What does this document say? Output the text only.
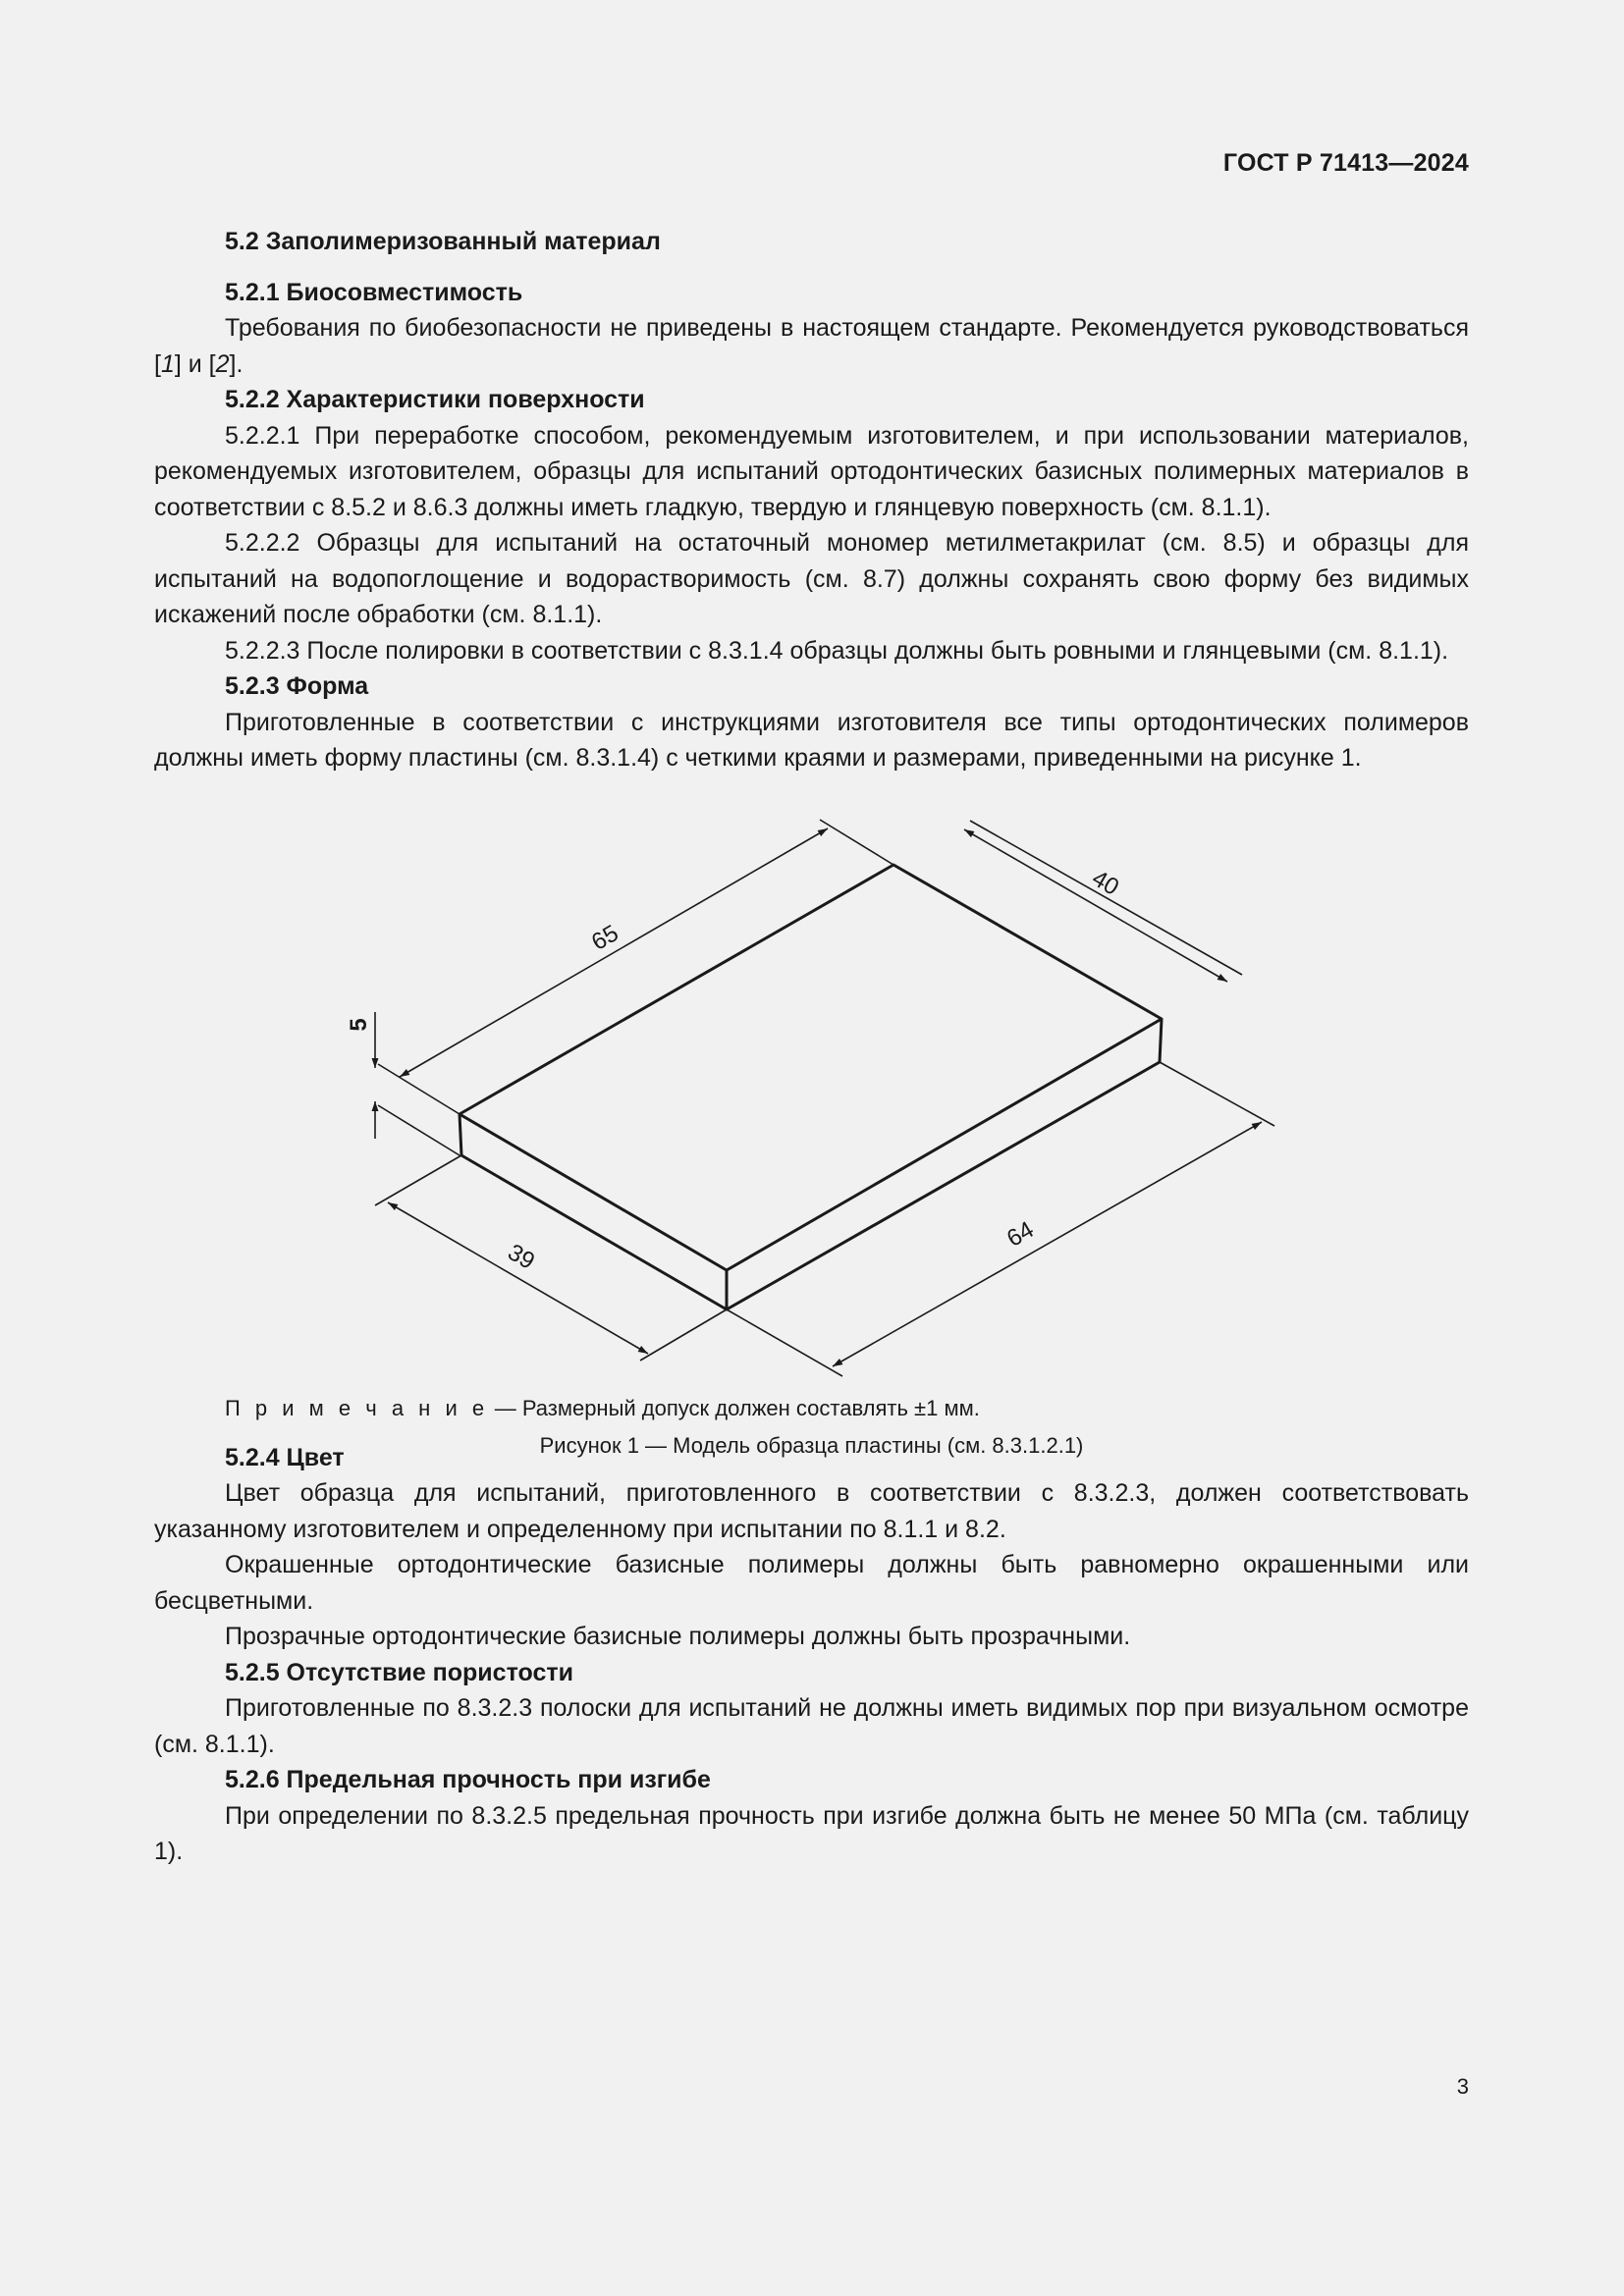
ГОСТ Р 71413—2024
5.2 Заполимеризованный материал
5.2.1 Биосовместимость

Требования по биобезопасности не приведены в настоящем стандарте. Рекомендуется руководствоваться [1] и [2].

5.2.2 Характеристики поверхности

5.2.2.1 При переработке способом, рекомендуемым изготовителем, и при использовании материалов, рекомендуемых изготовителем, образцы для испытаний ортодонтических базисных полимерных материалов в соответствии с 8.5.2 и 8.6.3 должны иметь гладкую, твердую и глянцевую поверхность (см. 8.1.1).

5.2.2.2 Образцы для испытаний на остаточный мономер метилметакрилат (см. 8.5) и образцы для испытаний на водопоглощение и водорастворимость (см. 8.7) должны сохранять свою форму без видимых искажений после обработки (см. 8.1.1).

5.2.2.3 После полировки в соответствии с 8.3.1.4 образцы должны быть ровными и глянцевыми (см. 8.1.1).

5.2.3 Форма

Приготовленные в соответствии с инструкциями изготовителя все типы ортодонтических полимеров должны иметь форму пластины (см. 8.3.1.4) с четкими краями и размерами, приведенными на рисунке 1.

65
40
64
39
5
П р и м е ч а н и е — Размерный допуск должен составлять ±1 мм.
Рисунок 1 — Модель образца пластины (см. 8.3.1.2.1)
5.2.4 Цвет

Цвет образца для испытаний, приготовленного в соответствии с 8.3.2.3, должен соответствовать указанному изготовителем и определенному при испытании по 8.1.1 и 8.2.

Окрашенные ортодонтические базисные полимеры должны быть равномерно окрашенными или бесцветными.

Прозрачные ортодонтические базисные полимеры должны быть прозрачными.

5.2.5 Отсутствие пористости

Приготовленные по 8.3.2.3 полоски для испытаний не должны иметь видимых пор при визуальном осмотре (см. 8.1.1).

5.2.6 Предельная прочность при изгибе

При определении по 8.3.2.5 предельная прочность при изгибе должна быть не менее 50 МПа (см. таблицу 1).

3
